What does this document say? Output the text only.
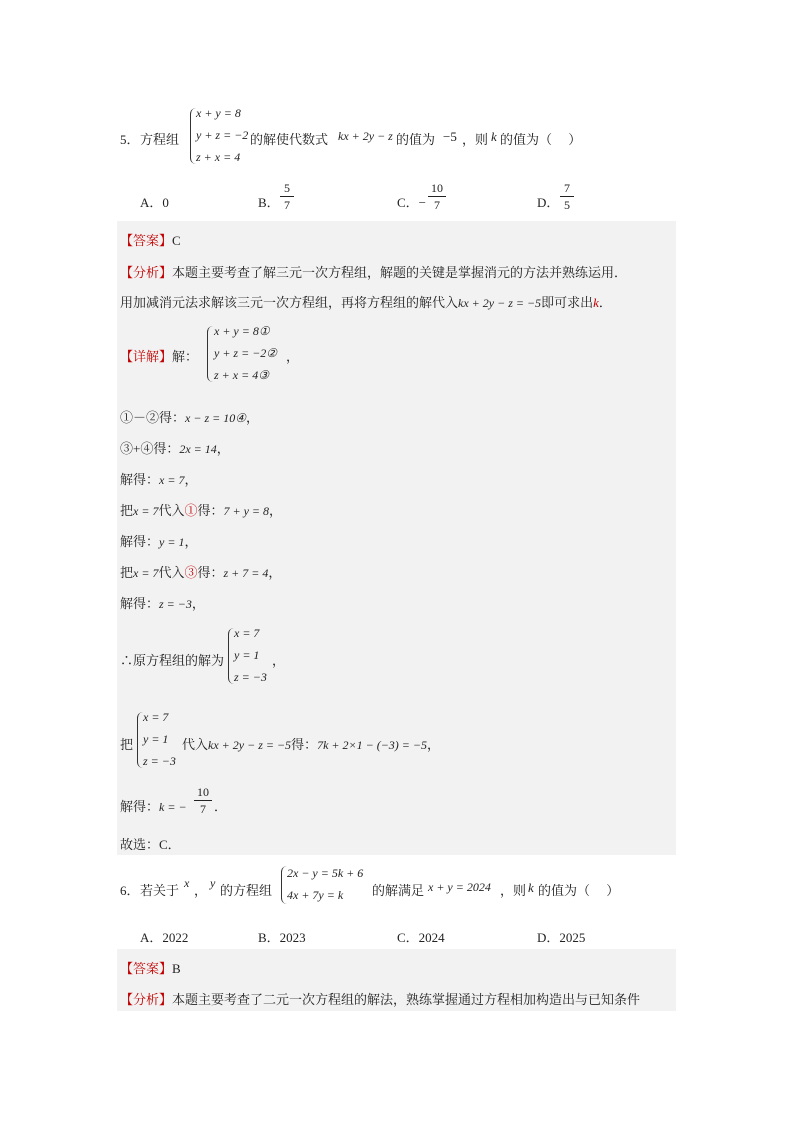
5． 方程组
x + y = 8
y + z = −2
z + x = 4
的解使代数式 kx + 2y − z 的值为 −5 ，则 k 的值为（　 ）
A．0	B．
5
7	C．−
10
7	D．
7
5
【答案】C
【分析】本题主要考查了解三元一次方程组，解题的关键是掌握消元的方法并熟练运用．
用加减消元法求解该三元一次方程组，再将方程组的解代入kx + 2y − z = −5即可求出k．
【详解】解：
x + y = 8①
y + z = −2②
z + x = 4③
，
①－②得：x − z = 10④，
③+④得：2x = 14，
解得：x = 7，
把x = 7代入①得：7 + y = 8，
解得：y = 1，
把x = 7代入③得：z + 7 = 4，
解得：z = −3，
∴原方程组的解为
x = 7
y = 1
z = −3
，
把
x = 7
y = 1
z = −3
代入kx + 2y − z = −5得：7k + 2×1 − (−3) = −5，
解得：k = −
10
7 ．
故选：C．
6． 若关于 x ， y 的方程组
2x − y = 5k + 6
4x + 7y = k 的解满足 x + y = 2024 ，则 k 的值为（　 ）
A．2022	B．2023	C．2024	D．2025
【答案】B
【分析】本题主要考查了二元一次方程组的解法，熟练掌握通过方程相加构造出与已知条件
